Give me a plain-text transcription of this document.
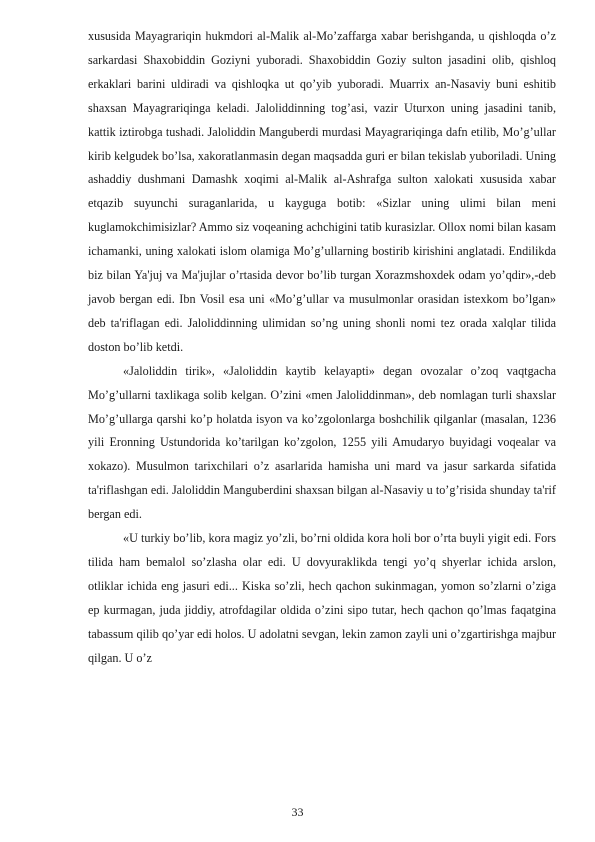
xususida Mayagrariqin hukmdori al-Malik al-Mo’zaffarga xabar berishganda, u qishloqda o’z sarkardasi Shaxobiddin Goziyni yuboradi. Shaxobiddin Goziy sulton jasadini olib, qishloq erkaklari barini uldiradi va qishloqka ut qo’yib yuboradi. Muarrix an-Nasaviy buni eshitib shaxsan Mayagrariqinga keladi. Jaloliddinning tog’asi, vazir Uturxon uning jasadini tanib, kattik iztirobga tushadi. Jaloliddin Manguberdi murdasi Mayagrariqinga dafn etilib, Mo’g’ullar kirib kelgudek bo’lsa, xakoratlanmasin degan maqsadda guri er bilan tekislab yuboriladi. Uning ashaddiy dushmani Damashk xoqimi al-Malik al-Ashrafga sulton xalokati xususida xabar etqazib suyunchi suraganlarida, u kayguga botib: «Sizlar uning ulimi bilan meni kuglamokchimisizlar? Ammo siz voqeaning achchigini tatib kurasizlar. Ollox nomi bilan kasam ichamanki, uning xalokati islom olamiga Mo’g’ullarning bostirib kirishini anglatadi. Endilikda biz bilan Ya'juj va Ma'jujlar o’rtasida devor bo’lib turgan Xorazmshoxdek odam yo’qdir»,-deb javob bergan edi. Ibn Vosil esa uni «Mo’g’ullar va musulmonlar orasidan istexkom bo’lgan» deb ta'riflagan edi. Jaloliddinning ulimidan so’ng uning shonli nomi tez orada xalqlar tilida doston bo’lib ketdi.

«Jaloliddin tirik», «Jaloliddin kaytib kelayapti» degan ovozalar o’zoq vaqtgacha Mo’g’ullarni taxlikaga solib kelgan. O’zini «men Jaloliddinman», deb nomlagan turli shaxslar Mo’g’ullarga qarshi ko’p holatda isyon va ko’zgolonlarga boshchilik qilganlar (masalan, 1236 yili Eronning Ustundorida ko’tarilgan ko’zgolon, 1255 yili Amudaryo buyidagi voqealar va xokazo). Musulmon tarixchilari o’z asarlarida hamisha uni mard va jasur sarkarda sifatida ta'riflashgan edi. Jaloliddin Manguberdini shaxsan bilgan al-Nasaviy u to’g’risida shunday ta'rif bergan edi.

«U turkiy bo’lib, kora magiz yo’zli, bo’rni oldida kora holi bor o’rta buyli yigit edi. Fors tilida ham bemalol so’zlasha olar edi. U dovyuraklikda tengi yo’q shyerlar ichida arslon, otliklar ichida eng jasuri edi... Kiska so’zli, hech qachon sukinmagan, yomon so’zlarni o’ziga ep kurmagan, juda jiddiy, atrofdagilar oldida o’zini sipo tutar, hech qachon qo’lmas faqatgina tabassum qilib qo’yar edi holos. U adolatni sevgan, lekin zamon zayli uni o’zgartirishga majbur qilgan. U o’z

33
